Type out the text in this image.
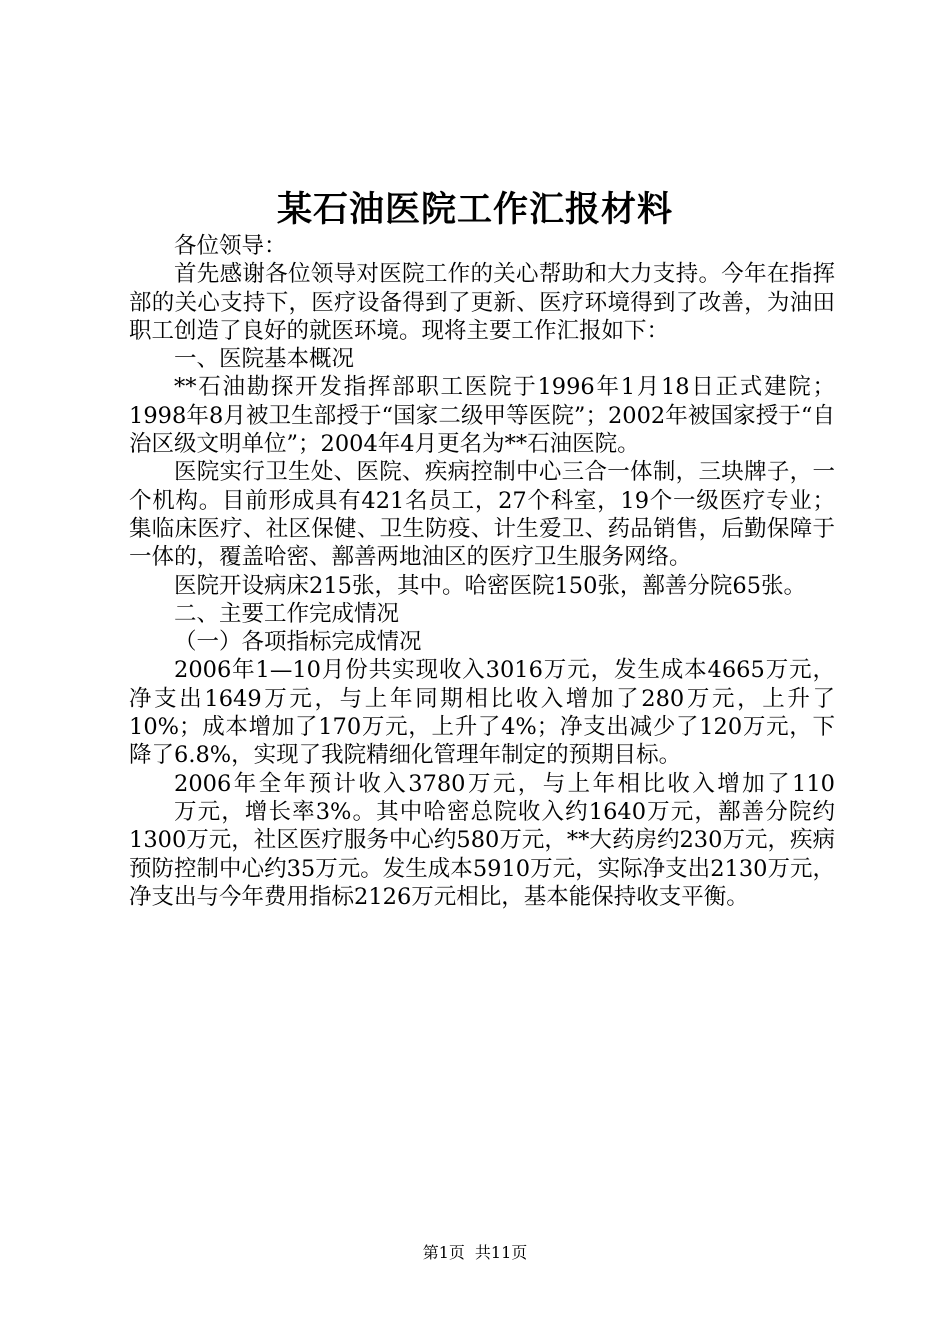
某石油医院工作汇报材料

各位领导：

首先感谢各位领导对医院工作的关心帮助和大力支持。今年在指挥部的关心支持下，医疗设备得到了更新、医疗环境得到了改善，为油田职工创造了良好的就医环境。现将主要工作汇报如下：

一、医院基本概况

**石油勘探开发指挥部职工医院于1996年1月18日正式建院；1998年8月被卫生部授于“国家二级甲等医院”；2002年被国家授于“自治区级文明单位”；2004年4月更名为**石油医院。

医院实行卫生处、医院、疾病控制中心三合一体制，三块牌子，一个机构。目前形成具有421名员工，27个科室，19个一级医疗专业；集临床医疗、社区保健、卫生防疫、计生爱卫、药品销售，后勤保障于一体的，覆盖哈密、鄯善两地油区的医疗卫生服务网络。

医院开设病床215张，其中。哈密医院150张，鄯善分院65张。

二、主要工作完成情况

（一）各项指标完成情况

2006年1—10月份共实现收入3016万元，发生成本4665万元，净支出1649万元，与上年同期相比收入增加了280万元，上升了10%；成本增加了170万元，上升了4%；净支出减少了120万元，下降了6.8%，实现了我院精细化管理年制定的预期目标。

2006年全年预计收入3780万元，与上年相比收入增加了110

万元，增长率3%。其中哈密总院收入约1640万元，鄯善分院约1300万元，社区医疗服务中心约580万元，**大药房约230万元，疾病预防控制中心约35万元。发生成本5910万元，实际净支出2130万元，净支出与今年费用指标2126万元相比，基本能保持收支平衡。

第1页 共11页
